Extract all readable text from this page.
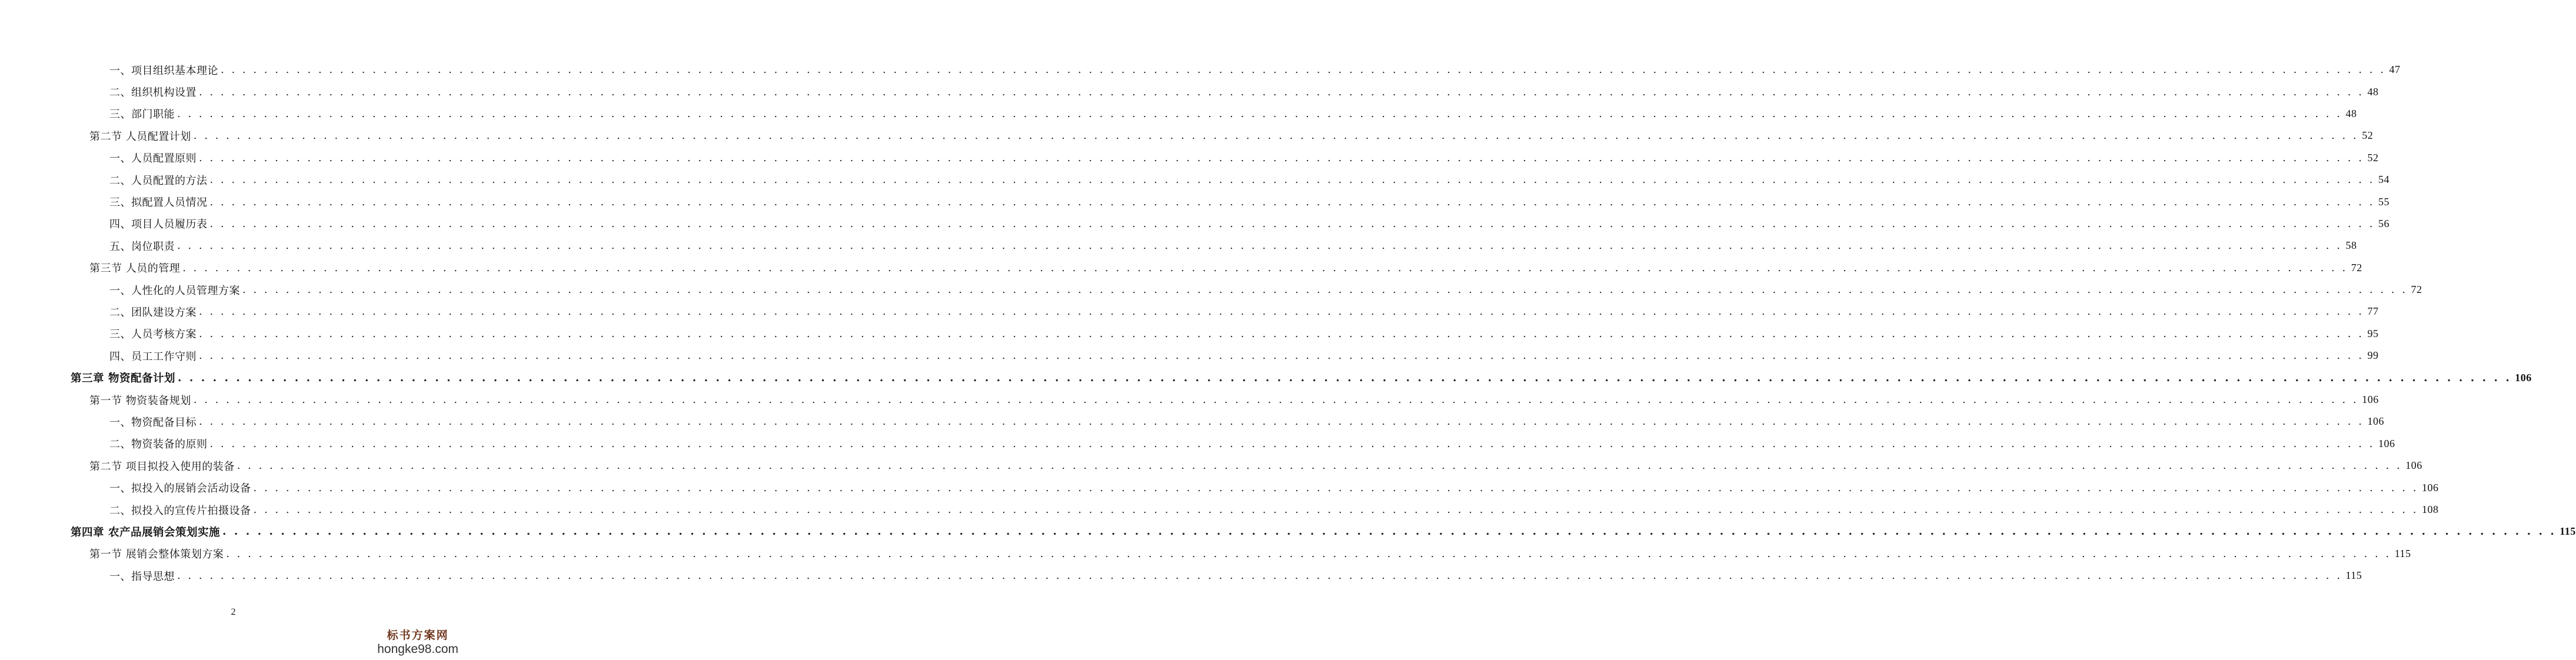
一、项目组织基本理论 . . . . . . . . . . . . . . . . . . . . . . . . . . . . . . . . . . . . . . . . . . . . . . . . . . . . . . . . . . . . . . . . . . . . . . . . . . . . . . . . . . . . . . . . . . . . . . . . . . . . . . . . . . . . . . . . . . . . . . . . . . . . . . . . . . . . . . . . . . . . . . . . . . . . . . . . . . . . . . . . . . . . . . . . . . . . . . . . . . . . . . . . . . . . . . . . . . . . . . . . 47
二、组织机构设置 . . . . . . . . . . . . . . . . . . . . . . . . . . . . . . . . . . . . . . . . . . . . . . . . . . . . . . . . . . . . . . . . . . . . . . . . . . . . . . . . . . . . . . . . . . . . . . . . . . . . . . . . . . . . . . . . . . . . . . . . . . . . . . . . . . . . . . . . . . . . . . . . . . . . . . . . . . . . . . . . . . . . . . . . . . . . . . . . . . . . . . . . . . . . . . . . . . . . . . . . 48
三、部门职能 . . . . . . . . . . . . . . . . . . . . . . . . . . . . . . . . . . . . . . . . . . . . . . . . . . . . . . . . . . . . . . . . . . . . . . . . . . . . . . . . . . . . . . . . . . . . . . . . . . . . . . . . . . . . . . . . . . . . . . . . . . . . . . . . . . . . . . . . . . . . . . . . . . . . . . . . . . . . . . . . . . . . . . . . . . . . . . . . . . . . . . . . . . . . . . . . . . . . . . . . 48
第二节 人员配置计划 . . . . . . . . . . . . . . . . . . . . . . . . . . . . . . . . . . . . . . . . . . . . . . . . . . . . . . . . . . . . . . . . . . . . . . . . . . . . . . . . . . . . . . . . . . . . . . . . . . . . . . . . . . . . . . . . . . . . . . . . . . . . . . . . . . . . . . . . . . . . . . . . . . . . . . . . . . . . . . . . . . . . . . . . . . . . . . . . . . . . . . . . . . . . . . . . . . . . . . . . 52
一、人员配置原则 . . . . . . . . . . . . . . . . . . . . . . . . . . . . . . . . . . . . . . . . . . . . . . . . . . . . . . . . . . . . . . . . . . . . . . . . . . . . . . . . . . . . . . . . . . . . . . . . . . . . . . . . . . . . . . . . . . . . . . . . . . . . . . . . . . . . . . . . . . . . . . . . . . . . . . . . . . . . . . . . . . . . . . . . . . . . . . . . . . . . . . . . . . . . . . . . . . . . . . . . 52
二、人员配置的方法 . . . . . . . . . . . . . . . . . . . . . . . . . . . . . . . . . . . . . . . . . . . . . . . . . . . . . . . . . . . . . . . . . . . . . . . . . . . . . . . . . . . . . . . . . . . . . . . . . . . . . . . . . . . . . . . . . . . . . . . . . . . . . . . . . . . . . . . . . . . . . . . . . . . . . . . . . . . . . . . . . . . . . . . . . . . . . . . . . . . . . . . . . . . . . . . . . . . . . . . . 54
三、拟配置人员情况 . . . . . . . . . . . . . . . . . . . . . . . . . . . . . . . . . . . . . . . . . . . . . . . . . . . . . . . . . . . . . . . . . . . . . . . . . . . . . . . . . . . . . . . . . . . . . . . . . . . . . . . . . . . . . . . . . . . . . . . . . . . . . . . . . . . . . . . . . . . . . . . . . . . . . . . . . . . . . . . . . . . . . . . . . . . . . . . . . . . . . . . . . . . . . . . . . . . . . . . . 55
四、项目人员履历表 . . . . . . . . . . . . . . . . . . . . . . . . . . . . . . . . . . . . . . . . . . . . . . . . . . . . . . . . . . . . . . . . . . . . . . . . . . . . . . . . . . . . . . . . . . . . . . . . . . . . . . . . . . . . . . . . . . . . . . . . . . . . . . . . . . . . . . . . . . . . . . . . . . . . . . . . . . . . . . . . . . . . . . . . . . . . . . . . . . . . . . . . . . . . . . . . . . . . . . . . 56
五、岗位职责 . . . . . . . . . . . . . . . . . . . . . . . . . . . . . . . . . . . . . . . . . . . . . . . . . . . . . . . . . . . . . . . . . . . . . . . . . . . . . . . . . . . . . . . . . . . . . . . . . . . . . . . . . . . . . . . . . . . . . . . . . . . . . . . . . . . . . . . . . . . . . . . . . . . . . . . . . . . . . . . . . . . . . . . . . . . . . . . . . . . . . . . . . . . . . . . . . . . . . . . . 58
第三节 人员的管理 . . . . . . . . . . . . . . . . . . . . . . . . . . . . . . . . . . . . . . . . . . . . . . . . . . . . . . . . . . . . . . . . . . . . . . . . . . . . . . . . . . . . . . . . . . . . . . . . . . . . . . . . . . . . . . . . . . . . . . . . . . . . . . . . . . . . . . . . . . . . . . . . . . . . . . . . . . . . . . . . . . . . . . . . . . . . . . . . . . . . . . . . . . . . . . . . . . . . . . . . 72
一、人性化的人员管理方案 . . . . . . . . . . . . . . . . . . . . . . . . . . . . . . . . . . . . . . . . . . . . . . . . . . . . . . . . . . . . . . . . . . . . . . . . . . . . . . . . . . . . . . . . . . . . . . . . . . . . . . . . . . . . . . . . . . . . . . . . . . . . . . . . . . . . . . . . . . . . . . . . . . . . . . . . . . . . . . . . . . . . . . . . . . . . . . . . . . . . . . . . . . . . . . . . . . . . . . . . 72
二、团队建设方案 . . . . . . . . . . . . . . . . . . . . . . . . . . . . . . . . . . . . . . . . . . . . . . . . . . . . . . . . . . . . . . . . . . . . . . . . . . . . . . . . . . . . . . . . . . . . . . . . . . . . . . . . . . . . . . . . . . . . . . . . . . . . . . . . . . . . . . . . . . . . . . . . . . . . . . . . . . . . . . . . . . . . . . . . . . . . . . . . . . . . . . . . . . . . . . . . . . . . . . . . 77
三、人员考核方案 . . . . . . . . . . . . . . . . . . . . . . . . . . . . . . . . . . . . . . . . . . . . . . . . . . . . . . . . . . . . . . . . . . . . . . . . . . . . . . . . . . . . . . . . . . . . . . . . . . . . . . . . . . . . . . . . . . . . . . . . . . . . . . . . . . . . . . . . . . . . . . . . . . . . . . . . . . . . . . . . . . . . . . . . . . . . . . . . . . . . . . . . . . . . . . . . . . . . . . . . 95
四、员工工作守则 . . . . . . . . . . . . . . . . . . . . . . . . . . . . . . . . . . . . . . . . . . . . . . . . . . . . . . . . . . . . . . . . . . . . . . . . . . . . . . . . . . . . . . . . . . . . . . . . . . . . . . . . . . . . . . . . . . . . . . . . . . . . . . . . . . . . . . . . . . . . . . . . . . . . . . . . . . . . . . . . . . . . . . . . . . . . . . . . . . . . . . . . . . . . . . . . . . . . . . . . 99
第三章 物资配备计划 . . . . . . . . . . . . . . . . . . . . . . . . . . . . . . . . . . . . . . . . . . . . . . . . . . . . . . . . . . . . . . . . . . . . . . . . . . . . . . . . . . . . . . . . . . . . . . . . . . . . . . . . . . . . . . . . . . . . . . . . . . . . . . . . . . . . . . . . . . . . . . . . . . . . . . . . . . . . . . . . . . . . . . . . . . . . . . . . . . . . . . . . . . . . . . . . . . . . . . . . 106
第一节 物资装备规划 . . . . . . . . . . . . . . . . . . . . . . . . . . . . . . . . . . . . . . . . . . . . . . . . . . . . . . . . . . . . . . . . . . . . . . . . . . . . . . . . . . . . . . . . . . . . . . . . . . . . . . . . . . . . . . . . . . . . . . . . . . . . . . . . . . . . . . . . . . . . . . . . . . . . . . . . . . . . . . . . . . . . . . . . . . . . . . . . . . . . . . . . . . . . . . . . . . . . . . . . 106
一、物资配备目标 . . . . . . . . . . . . . . . . . . . . . . . . . . . . . . . . . . . . . . . . . . . . . . . . . . . . . . . . . . . . . . . . . . . . . . . . . . . . . . . . . . . . . . . . . . . . . . . . . . . . . . . . . . . . . . . . . . . . . . . . . . . . . . . . . . . . . . . . . . . . . . . . . . . . . . . . . . . . . . . . . . . . . . . . . . . . . . . . . . . . . . . . . . . . . . . . . . . . . . . . 106
二、物资装备的原则 . . . . . . . . . . . . . . . . . . . . . . . . . . . . . . . . . . . . . . . . . . . . . . . . . . . . . . . . . . . . . . . . . . . . . . . . . . . . . . . . . . . . . . . . . . . . . . . . . . . . . . . . . . . . . . . . . . . . . . . . . . . . . . . . . . . . . . . . . . . . . . . . . . . . . . . . . . . . . . . . . . . . . . . . . . . . . . . . . . . . . . . . . . . . . . . . . . . . . . . . 106
第二节 项目拟投入使用的装备 . . . . . . . . . . . . . . . . . . . . . . . . . . . . . . . . . . . . . . . . . . . . . . . . . . . . . . . . . . . . . . . . . . . . . . . . . . . . . . . . . . . . . . . . . . . . . . . . . . . . . . . . . . . . . . . . . . . . . . . . . . . . . . . . . . . . . . . . . . . . . . . . . . . . . . . . . . . . . . . . . . . . . . . . . . . . . . . . . . . . . . . . . . . . . . . . . . . . . . . . 106
一、拟投入的展销会活动设备 . . . . . . . . . . . . . . . . . . . . . . . . . . . . . . . . . . . . . . . . . . . . . . . . . . . . . . . . . . . . . . . . . . . . . . . . . . . . . . . . . . . . . . . . . . . . . . . . . . . . . . . . . . . . . . . . . . . . . . . . . . . . . . . . . . . . . . . . . . . . . . . . . . . . . . . . . . . . . . . . . . . . . . . . . . . . . . . . . . . . . . . . . . . . . . . . . . . . . . . . 106
二、拟投入的宣传片拍摄设备 . . . . . . . . . . . . . . . . . . . . . . . . . . . . . . . . . . . . . . . . . . . . . . . . . . . . . . . . . . . . . . . . . . . . . . . . . . . . . . . . . . . . . . . . . . . . . . . . . . . . . . . . . . . . . . . . . . . . . . . . . . . . . . . . . . . . . . . . . . . . . . . . . . . . . . . . . . . . . . . . . . . . . . . . . . . . . . . . . . . . . . . . . . . . . . . . . . . . . . . . 108
第四章 农产品展销会策划实施 . . . . . . . . . . . . . . . . . . . . . . . . . . . . . . . . . . . . . . . . . . . . . . . . . . . . . . . . . . . . . . . . . . . . . . . . . . . . . . . . . . . . . . . . . . . . . . . . . . . . . . . . . . . . . . . . . . . . . . . . . . . . . . . . . . . . . . . . . . . . . . . . . . . . . . . . . . . . . . . . . . . . . . . . . . . . . . . . . . . . . . . . . . . . . . . . . . . . . . . . 115
第一节 展销会整体策划方案 . . . . . . . . . . . . . . . . . . . . . . . . . . . . . . . . . . . . . . . . . . . . . . . . . . . . . . . . . . . . . . . . . . . . . . . . . . . . . . . . . . . . . . . . . . . . . . . . . . . . . . . . . . . . . . . . . . . . . . . . . . . . . . . . . . . . . . . . . . . . . . . . . . . . . . . . . . . . . . . . . . . . . . . . . . . . . . . . . . . . . . . . . . . . . . . . . . . . . . . . 115
一、指导思想 . . . . . . . . . . . . . . . . . . . . . . . . . . . . . . . . . . . . . . . . . . . . . . . . . . . . . . . . . . . . . . . . . . . . . . . . . . . . . . . . . . . . . . . . . . . . . . . . . . . . . . . . . . . . . . . . . . . . . . . . . . . . . . . . . . . . . . . . . . . . . . . . . . . . . . . . . . . . . . . . . . . . . . . . . . . . . . . . . . . . . . . . . . . . . . . . . . . . . . . . 115
2
标书方案网
hongke98.com
